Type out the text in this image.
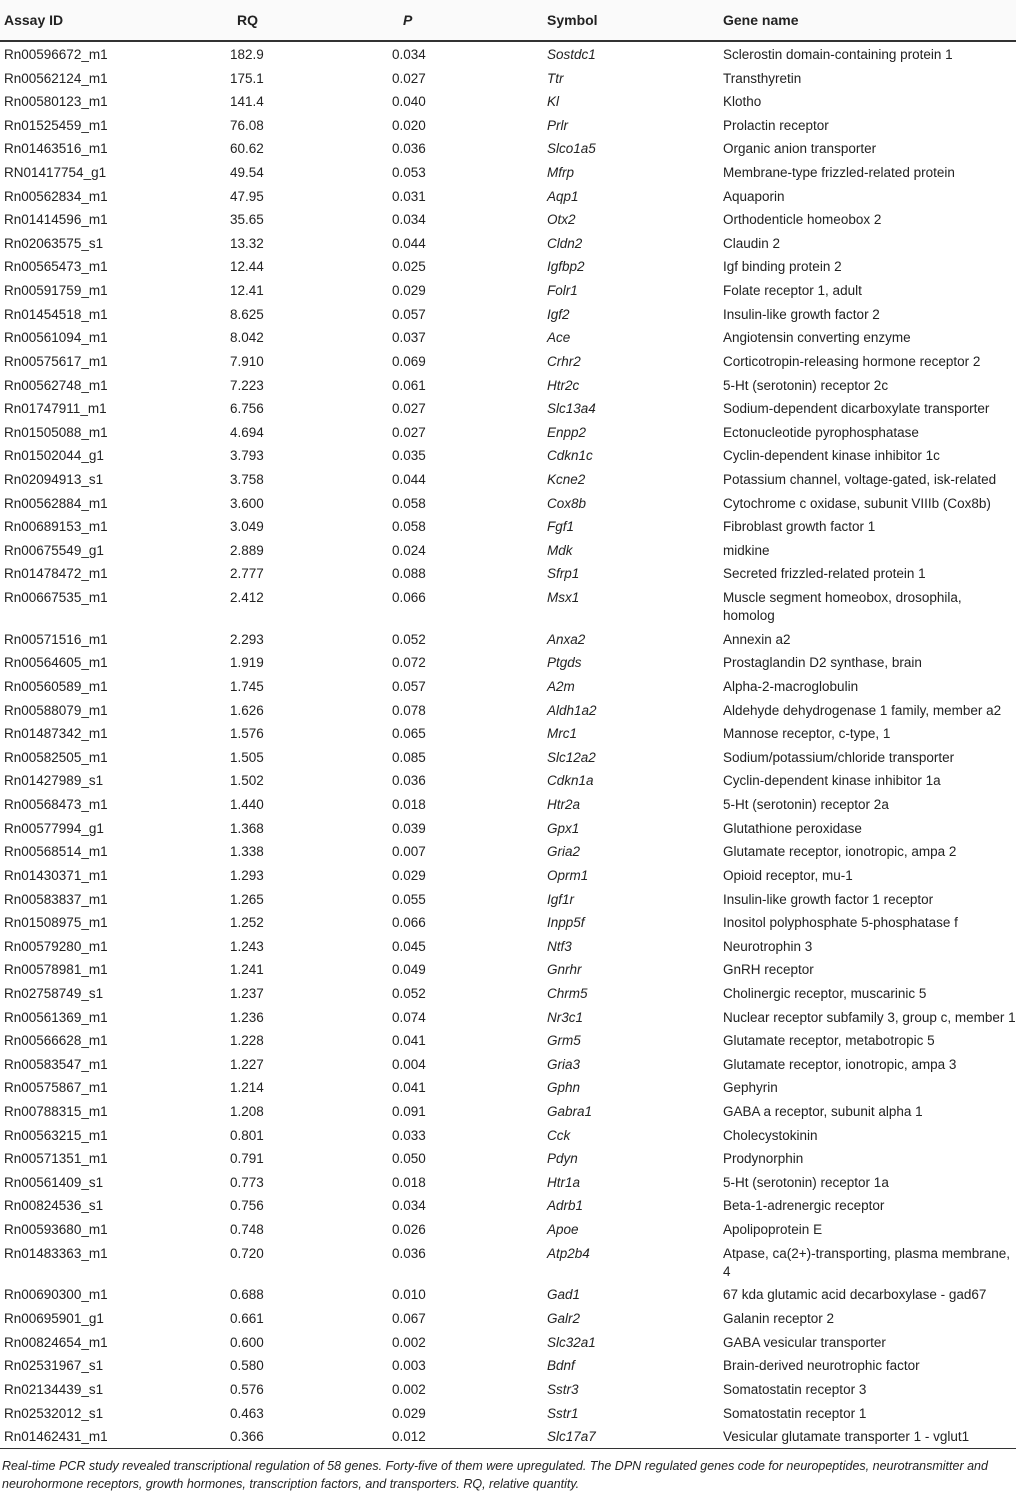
Assay ID	RQ	P	Symbol	Gene name
Rn00596672_m1	182.9	0.034	Sostdc1	Sclerostin domain-containing protein 1
Rn00562124_m1	175.1	0.027	Ttr	Transthyretin
Rn00580123_m1	141.4	0.040	Kl	Klotho
Rn01525459_m1	76.08	0.020	Prlr	Prolactin receptor
Rn01463516_m1	60.62	0.036	Slco1a5	Organic anion transporter
RN01417754_g1	49.54	0.053	Mfrp	Membrane-type frizzled-related protein
Rn00562834_m1	47.95	0.031	Aqp1	Aquaporin
Rn01414596_m1	35.65	0.034	Otx2	Orthodenticle homeobox 2
Rn02063575_s1	13.32	0.044	Cldn2	Claudin 2
Rn00565473_m1	12.44	0.025	Igfbp2	Igf binding protein 2
Rn00591759_m1	12.41	0.029	Folr1	Folate receptor 1, adult
Rn01454518_m1	8.625	0.057	Igf2	Insulin-like growth factor 2
Rn00561094_m1	8.042	0.037	Ace	Angiotensin converting enzyme
Rn00575617_m1	7.910	0.069	Crhr2	Corticotropin-releasing hormone receptor 2
Rn00562748_m1	7.223	0.061	Htr2c	5-Ht (serotonin) receptor 2c
Rn01747911_m1	6.756	0.027	Slc13a4	Sodium-dependent dicarboxylate transporter
Rn01505088_m1	4.694	0.027	Enpp2	Ectonucleotide pyrophosphatase
Rn01502044_g1	3.793	0.035	Cdkn1c	Cyclin-dependent kinase inhibitor 1c
Rn02094913_s1	3.758	0.044	Kcne2	Potassium channel, voltage-gated, isk-related
Rn00562884_m1	3.600	0.058	Cox8b	Cytochrome c oxidase, subunit VIIIb (Cox8b)
Rn00689153_m1	3.049	0.058	Fgf1	Fibroblast growth factor 1
Rn00675549_g1	2.889	0.024	Mdk	midkine
Rn01478472_m1	2.777	0.088	Sfrp1	Secreted frizzled-related protein 1
Rn00667535_m1	2.412	0.066	Msx1	Muscle segment homeobox, drosophila, homolog
Rn00571516_m1	2.293	0.052	Anxa2	Annexin a2
Rn00564605_m1	1.919	0.072	Ptgds	Prostaglandin D2 synthase, brain
Rn00560589_m1	1.745	0.057	A2m	Alpha-2-macroglobulin
Rn00588079_m1	1.626	0.078	Aldh1a2	Aldehyde dehydrogenase 1 family, member a2
Rn01487342_m1	1.576	0.065	Mrc1	Mannose receptor, c-type, 1
Rn00582505_m1	1.505	0.085	Slc12a2	Sodium/potassium/chloride transporter
Rn01427989_s1	1.502	0.036	Cdkn1a	Cyclin-dependent kinase inhibitor 1a
Rn00568473_m1	1.440	0.018	Htr2a	5-Ht (serotonin) receptor 2a
Rn00577994_g1	1.368	0.039	Gpx1	Glutathione peroxidase
Rn00568514_m1	1.338	0.007	Gria2	Glutamate receptor, ionotropic, ampa 2
Rn01430371_m1	1.293	0.029	Oprm1	Opioid receptor, mu-1
Rn00583837_m1	1.265	0.055	Igf1r	Insulin-like growth factor 1 receptor
Rn01508975_m1	1.252	0.066	Inpp5f	Inositol polyphosphate 5-phosphatase f
Rn00579280_m1	1.243	0.045	Ntf3	Neurotrophin 3
Rn00578981_m1	1.241	0.049	Gnrhr	GnRH receptor
Rn02758749_s1	1.237	0.052	Chrm5	Cholinergic receptor, muscarinic 5
Rn00561369_m1	1.236	0.074	Nr3c1	Nuclear receptor subfamily 3, group c, member 1
Rn00566628_m1	1.228	0.041	Grm5	Glutamate receptor, metabotropic 5
Rn00583547_m1	1.227	0.004	Gria3	Glutamate receptor, ionotropic, ampa 3
Rn00575867_m1	1.214	0.041	Gphn	Gephyrin
Rn00788315_m1	1.208	0.091	Gabra1	GABA a receptor, subunit alpha 1
Rn00563215_m1	0.801	0.033	Cck	Cholecystokinin
Rn00571351_m1	0.791	0.050	Pdyn	Prodynorphin
Rn00561409_s1	0.773	0.018	Htr1a	5-Ht (serotonin) receptor 1a
Rn00824536_s1	0.756	0.034	Adrb1	Beta-1-adrenergic receptor
Rn00593680_m1	0.748	0.026	Apoe	Apolipoprotein E
Rn01483363_m1	0.720	0.036	Atp2b4	Atpase, ca(2+)-transporting, plasma membrane, 4
Rn00690300_m1	0.688	0.010	Gad1	67 kda glutamic acid decarboxylase - gad67
Rn00695901_g1	0.661	0.067	Galr2	Galanin receptor 2
Rn00824654_m1	0.600	0.002	Slc32a1	GABA vesicular transporter
Rn02531967_s1	0.580	0.003	Bdnf	Brain-derived neurotrophic factor
Rn02134439_s1	0.576	0.002	Sstr3	Somatostatin receptor 3
Rn02532012_s1	0.463	0.029	Sstr1	Somatostatin receptor 1
Rn01462431_m1	0.366	0.012	Slc17a7	Vesicular glutamate transporter 1 - vglut1
Real-time PCR study revealed transcriptional regulation of 58 genes. Forty-five of them were upregulated. The DPN regulated genes code for neuropeptides, neurotransmitter and neurohormone receptors, growth hormones, transcription factors, and transporters. RQ, relative quantity.
